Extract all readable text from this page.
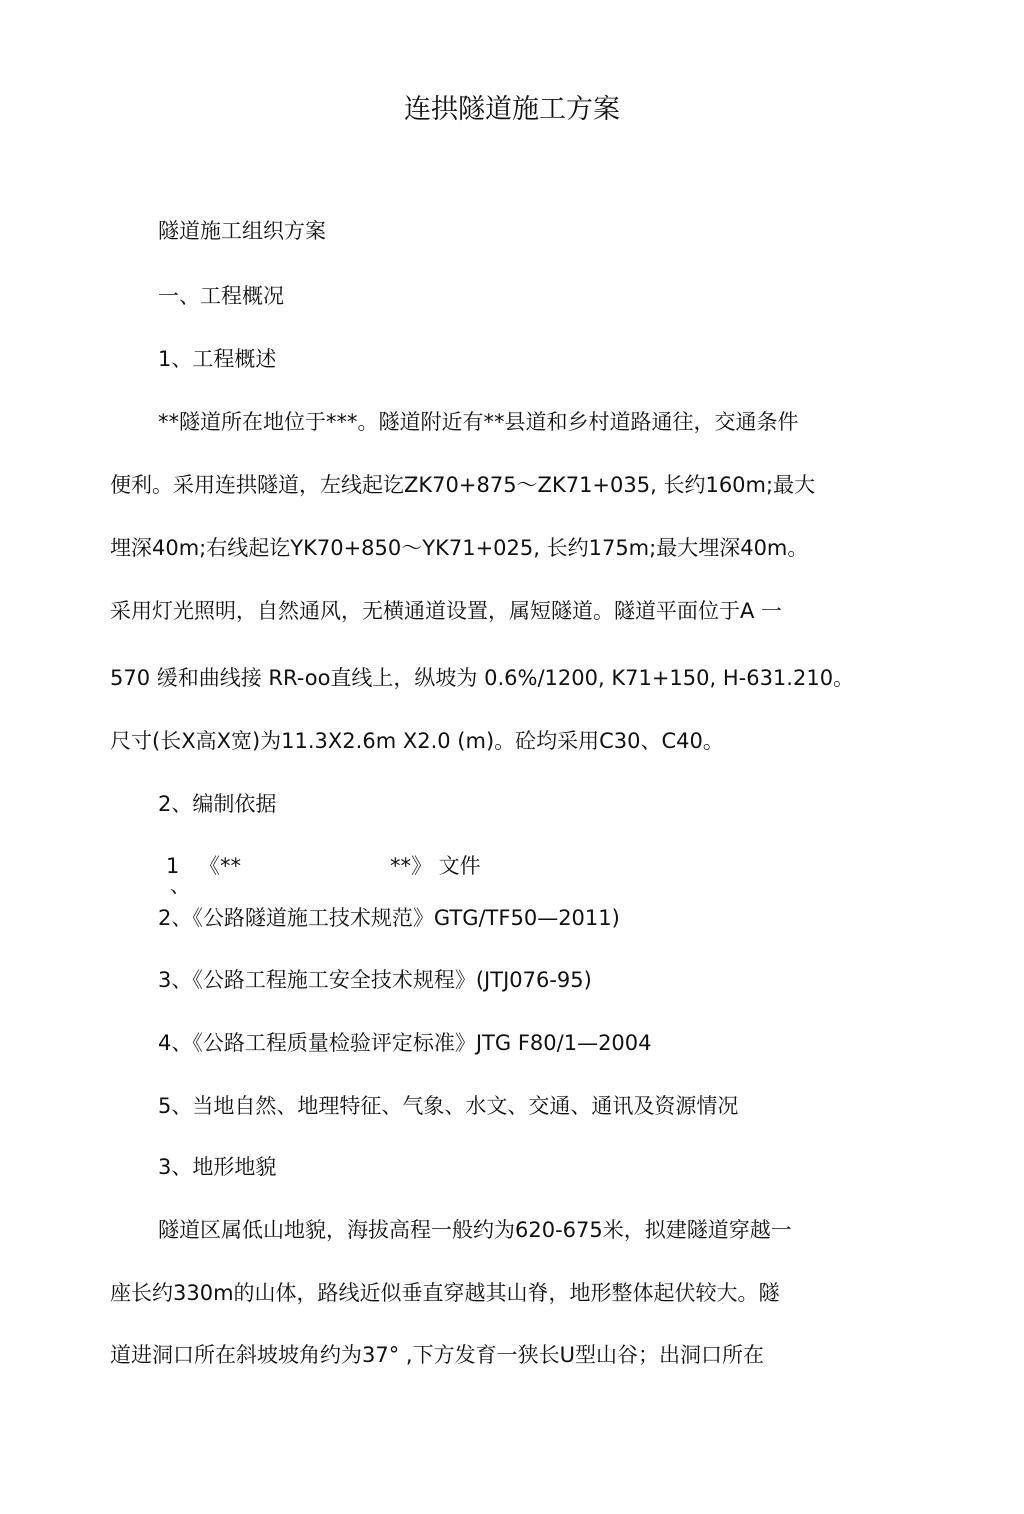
连拱隧道施工方案

隧道施工组织方案

一、工程概况

1、工程概述

**隧道所在地位于***。隧道附近有**县道和乡村道路通往，交通条件

便利。采用连拱隧道，左线起讫ZK70+875～ZK71+035, 长约160m;最大

埋深40m;右线起讫YK70+850～YK71+025, 长约175m;最大埋深40m。

采用灯光照明，自然通风，无横通道设置，属短隧道。隧道平面位于A 一

570 缓和曲线接 RR-oo直线上，纵坡为 0.6%/1200, K71+150, H-631.210。

尺寸(长X高X宽)为11.3X2.6m X2.0 (m)。砼均采用C30、C40。

2、编制依据

1
、
《**	**》 文件

2、《公路隧道施工技术规范》GTG/TF50—2011)

3、《公路工程施工安全技术规程》(JTJ076-95)

4、《公路工程质量检验评定标准》JTG F80/1—2004

5、当地自然、地理特征、气象、水文、交通、通讯及资源情况

3、地形地貌

隧道区属低山地貌，海拔高程一般约为620-675米，拟建隧道穿越一

座长约330m的山体，路线近似垂直穿越其山脊，地形整体起伏较大。隧

道进洞口所在斜坡坡角约为37° ,下方发育一狭长U型山谷；出洞口所在
